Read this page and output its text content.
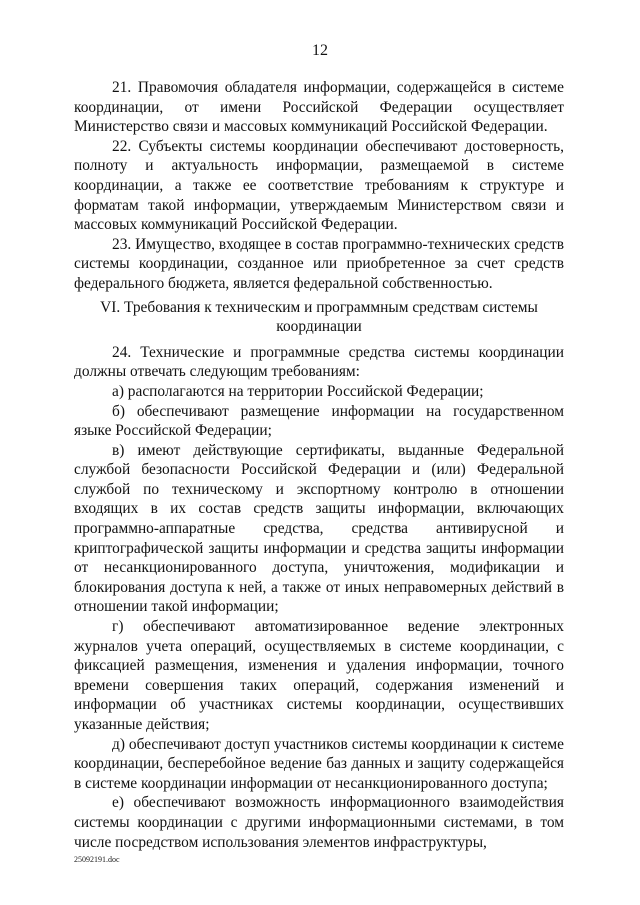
12

21. Правомочия обладателя информации, содержащейся в системе координации, от имени Российской Федерации осуществляет Министерство связи и массовых коммуникаций Российской Федерации.

22. Субъекты системы координации обеспечивают достоверность, полноту и актуальность информации, размещаемой в системе координации, а также ее соответствие требованиям к структуре и форматам такой информации, утверждаемым Министерством связи и массовых коммуникаций Российской Федерации.

23. Имущество, входящее в состав программно-технических средств системы координации, созданное или приобретенное за счет средств федерального бюджета, является федеральной собственностью.

VI. Требования к техническим и программным средствам системы координации

24. Технические и программные средства системы координации должны отвечать следующим требованиям:

а) располагаются на территории Российской Федерации;

б) обеспечивают размещение информации на государственном языке Российской Федерации;

в) имеют действующие сертификаты, выданные Федеральной службой безопасности Российской Федерации и (или) Федеральной службой по техническому и экспортному контролю в отношении входящих в их состав средств защиты информации, включающих программно-аппаратные средства, средства антивирусной и криптографической защиты информации и средства защиты информации от несанкционированного доступа, уничтожения, модификации и блокирования доступа к ней, а также от иных неправомерных действий в отношении такой информации;

г) обеспечивают автоматизированное ведение электронных журналов учета операций, осуществляемых в системе координации, с фиксацией размещения, изменения и удаления информации, точного времени совершения таких операций, содержания изменений и информации об участниках системы координации, осуществивших указанные действия;

д) обеспечивают доступ участников системы координации к системе координации, бесперебойное ведение баз данных и защиту содержащейся в системе координации информации от несанкционированного доступа;

е) обеспечивают возможность информационного взаимодействия системы координации с другими информационными системами, в том числе посредством использования элементов инфраструктуры,

25092191.doc
